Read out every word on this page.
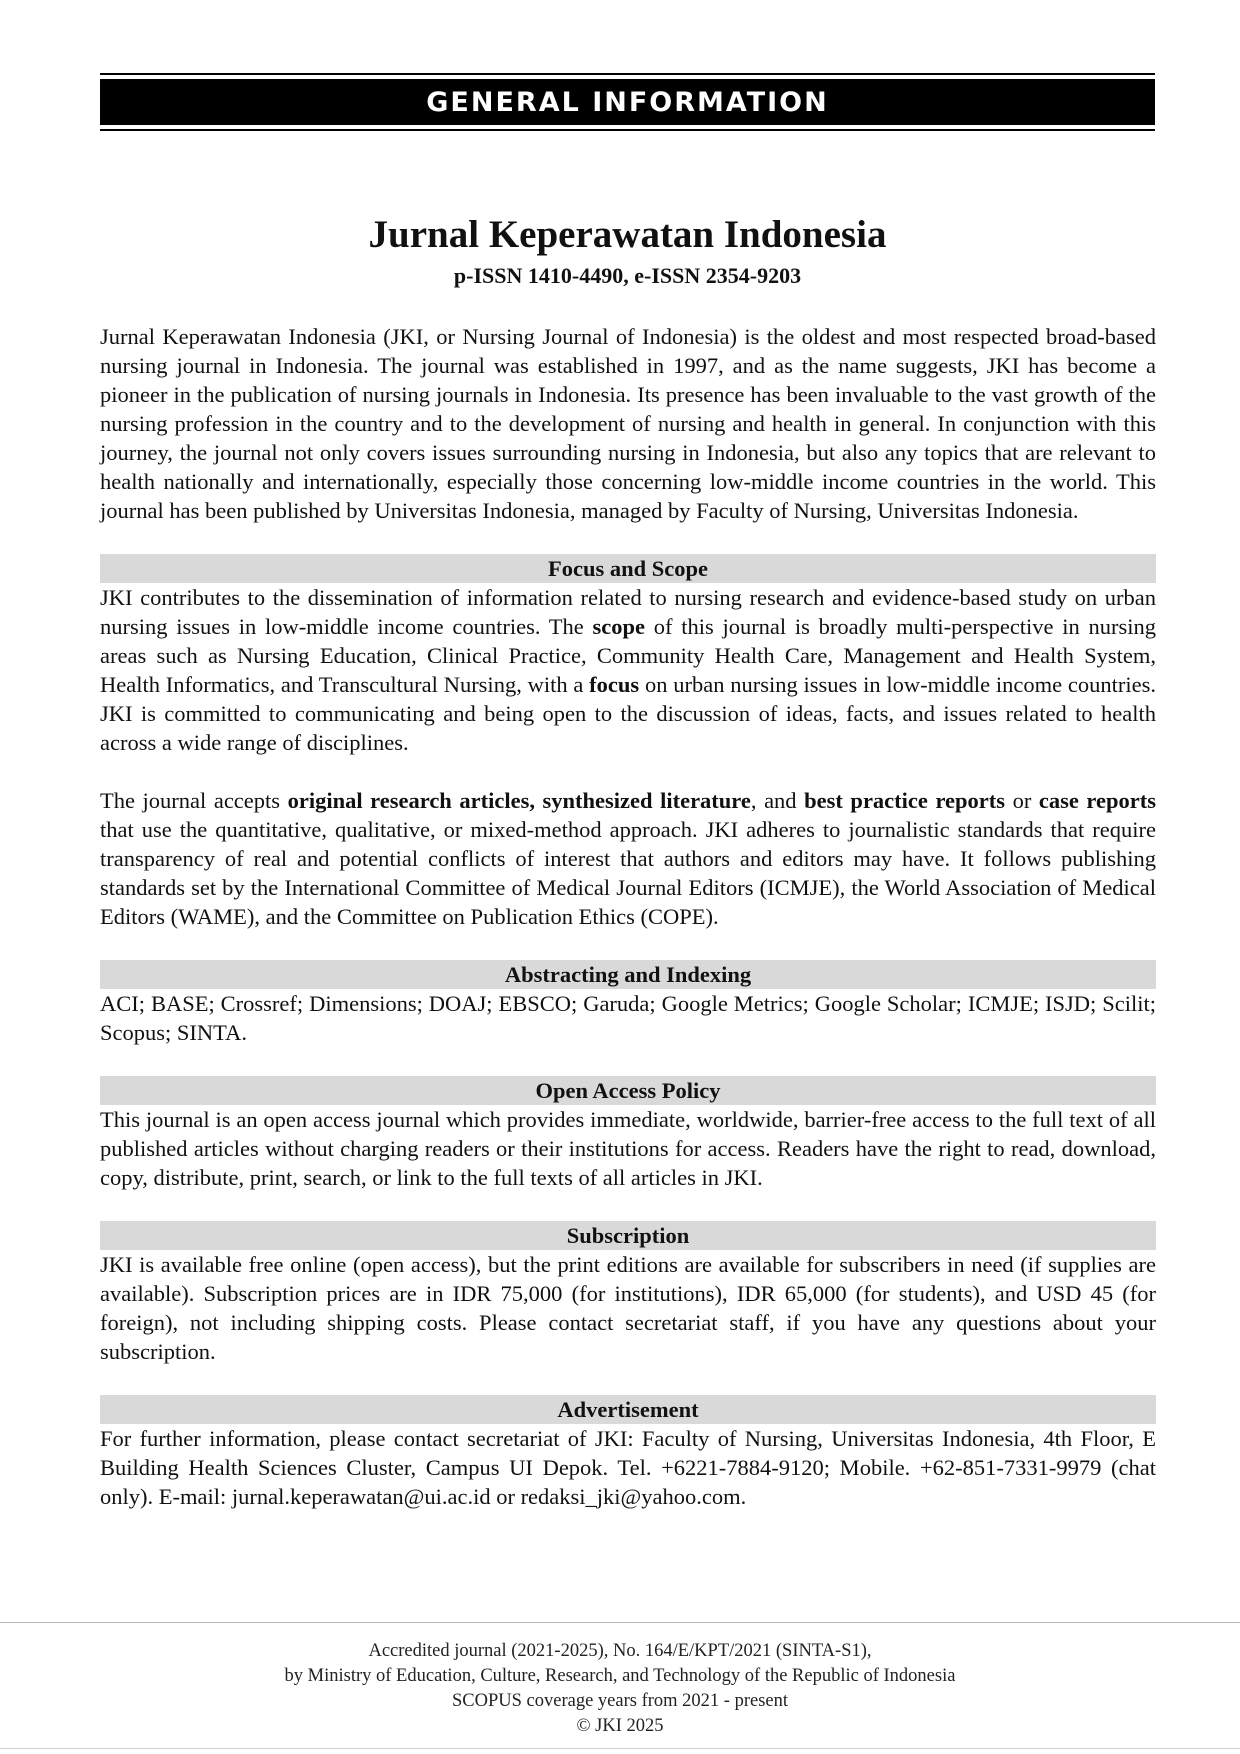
GENERAL INFORMATION
Jurnal Keperawatan Indonesia
p-ISSN 1410-4490, e-ISSN 2354-9203

Jurnal Keperawatan Indonesia (JKI, or Nursing Journal of Indonesia) is the oldest and most respected broad-based nursing journal in Indonesia. The journal was established in 1997, and as the name suggests, JKI has become a pioneer in the publication of nursing journals in Indonesia. Its presence has been invaluable to the vast growth of the nursing profession in the country and to the development of nursing and health in general. In conjunction with this journey, the journal not only covers issues surrounding nursing in Indonesia, but also any topics that are relevant to health nationally and internationally, especially those concerning low-middle income countries in the world. This journal has been published by Universitas Indonesia, managed by Faculty of Nursing, Universitas Indonesia.

Focus and Scope

JKI contributes to the dissemination of information related to nursing research and evidence-based study on urban nursing issues in low-middle income countries. The scope of this journal is broadly multi-perspective in nursing areas such as Nursing Education, Clinical Practice, Community Health Care, Management and Health System, Health Informatics, and Transcultural Nursing, with a focus on urban nursing issues in low-middle income countries. JKI is committed to communicating and being open to the discussion of ideas, facts, and issues related to health across a wide range of disciplines.

The journal accepts original research articles, synthesized literature, and best practice reports or case reports that use the quantitative, qualitative, or mixed-method approach. JKI adheres to journalistic standards that require transparency of real and potential conflicts of interest that authors and editors may have. It follows publishing standards set by the International Committee of Medical Journal Editors (ICMJE), the World Association of Medical Editors (WAME), and the Committee on Publication Ethics (COPE).

Abstracting and Indexing

ACI; BASE; Crossref; Dimensions; DOAJ; EBSCO; Garuda; Google Metrics; Google Scholar; ICMJE; ISJD; Scilit; Scopus; SINTA.

Open Access Policy

This journal is an open access journal which provides immediate, worldwide, barrier-free access to the full text of all published articles without charging readers or their institutions for access. Readers have the right to read, download, copy, distribute, print, search, or link to the full texts of all articles in JKI.

Subscription

JKI is available free online (open access), but the print editions are available for subscribers in need (if supplies are available). Subscription prices are in IDR 75,000 (for institutions), IDR 65,000 (for students), and USD 45 (for foreign), not including shipping costs. Please contact secretariat staff, if you have any questions about your subscription.

Advertisement

For further information, please contact secretariat of JKI: Faculty of Nursing, Universitas Indonesia, 4th Floor, E Building Health Sciences Cluster, Campus UI Depok. Tel. +6221-7884-9120; Mobile. +62-851-7331-9979 (chat only). E-mail: jurnal.keperawatan@ui.ac.id or redaksi_jki@yahoo.com.

Accredited journal (2021-2025), No. 164/E/KPT/2021 (SINTA-S1),
by Ministry of Education, Culture, Research, and Technology of the Republic of Indonesia
SCOPUS coverage years from 2021 - present
© JKI 2025
